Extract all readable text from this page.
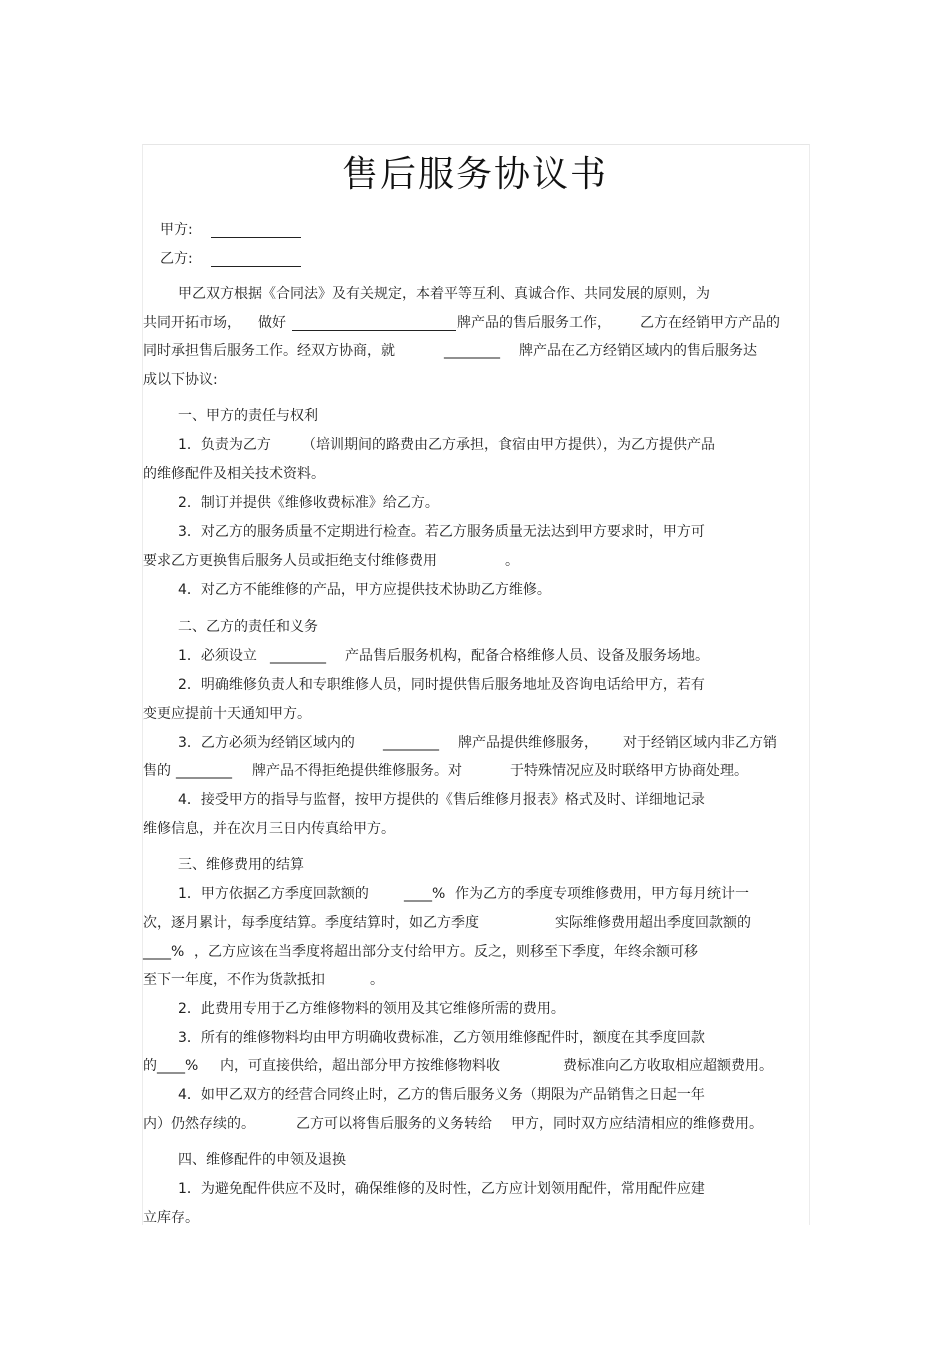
售后服务协议书
甲方:
乙方:
甲乙双方根据《合同法》及有关规定，本着平等互利、真诚合作、共同发展的原则，为
共同开拓市场， 做好	牌产品的售后服务工作， 乙方在经销甲方产品的
同时承担售后服务工作。经双方协商，就	________ 牌产品在乙方经销区域内的售后服务达
成以下协议:
一、甲方的责任与权利
1．负责为乙方 （培训期间的路费由乙方承担，食宿由甲方提供），为乙方提供产品
的维修配件及相关技术资料。
2．制订并提供《维修收费标准》给乙方。
3．对乙方的服务质量不定期进行检查。若乙方服务质量无法达到甲方要求时，甲方可
要求乙方更换售后服务人员或拒绝支付维修费用	。
4．对乙方不能维修的产品，甲方应提供技术协助乙方维修。
二、乙方的责任和义务
1．必须设立 ________ 产品售后服务机构，配备合格维修人员、设备及服务场地。
2．明确维修负责人和专职维修人员，同时提供售后服务地址及咨询电话给甲方，若有
变更应提前十天通知甲方。
3．乙方必须为经销区域内的 ________ 牌产品提供维修服务， 对于经销区域内非乙方销
售的 ________ 牌产品不得拒绝提供维修服务。对	于特殊情况应及时联络甲方协商处理。
4．接受甲方的指导与监督，按甲方提供的《售后维修月报表》格式及时、详细地记录
维修信息，并在次月三日内传真给甲方。
三、维修费用的结算
1．甲方依据乙方季度回款额的	____% 作为乙方的季度专项维修费用，甲方每月统计一
次，逐月累计，每季度结算。季度结算时，如乙方季度	实际维修费用超出季度回款额的
____% ，乙方应该在当季度将超出部分支付给甲方。反之，则移至下季度，年终余额可移
至下一年度，不作为货款抵扣	。
2．此费用专用于乙方维修物料的领用及其它维修所需的费用。
3．所有的维修物料均由甲方明确收费标准，乙方领用维修配件时，额度在其季度回款
的____% 内，可直接供给，超出部分甲方按维修物料收	费标准向乙方收取相应超额费用。
4．如甲乙双方的经营合同终止时，乙方的售后服务义务（期限为产品销售之日起一年
内）仍然存续的。	乙方可以将售后服务的义务转给 甲方，同时双方应结清相应的维修费用。
四、维修配件的申领及退换
1．为避免配件供应不及时，确保维修的及时性，乙方应计划领用配件，常用配件应建
立库存。
